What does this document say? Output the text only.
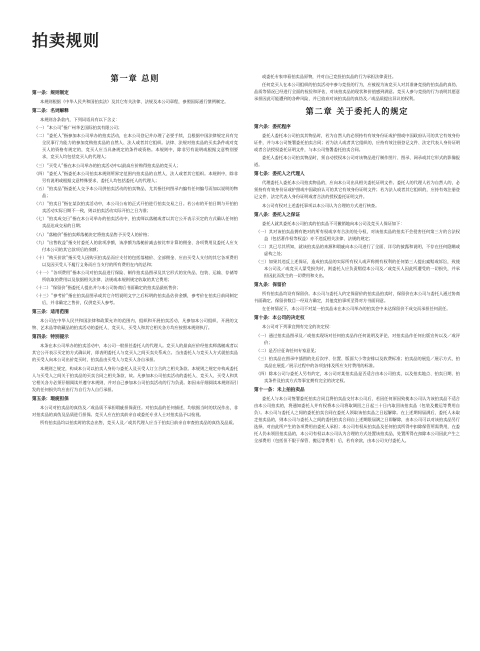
拍卖规则
第一章 总则
第一条：规则制定
本规则根据《中华人民共和国拍卖法》及其它有关法律、法规及本公司章程，参照国际通行惯例制定。
第二条：名词解释
本规则各条款内，下列词语具有以下含义：
（一）“本公司”指广州华艺国际拍卖有限公司；
（二）“委托人”指参加本公司举办的拍卖活动，在本公司登记并办理了必要手续，且根据中国法律规定具有完全民事行为能力的参加竞购拍卖品的自然人、法人或者其它组织。法律、法规对拍卖品的买卖条件或对竞买人的资格有规定的，竞买人应当具备规定的条件或资格。本规则中，除非另有说明或根据文意特别要求，竞买人均包括竞买人的代理人；
（三）“买受人”指在本公司举办的拍卖活动中以最高应价购得拍卖品的竞买人；
（四）“委托人”指委托本公司拍卖本规则所界定范围内拍卖品的自然人、法人或者其它组织。本规则中，除非另有说明或根据文意特殊要求，委托人均包括委托人的代理人；
（五）“拍卖品”指委托人交予本公司供拍卖活动的拍卖物品，尤其指任何图录内编有任何编号而加以说明的物品；
（六）“拍卖日”指在某次拍卖活动中，本公司公布的正式开拍进行拍卖交易之日。若公布的开拍日期与开拍拍卖活动实际日期不一致，则以拍卖活动实际开拍之日为准；
（七）“拍卖成交日”指在本公司举办的拍卖活动中，拍卖师以落槌或者以其它公开表示买定的方式确认任何拍卖品达成交易的日期；
（八）“落槌价”指拍卖师落槌决定将拍卖品售予买受人的价格；
（九）“出售收益”指支付委托人的款项净额，该净额为落槌价减去按比率计算的佣金、各项费用及委托人应支付本公司的其它款项后的余额；
（十）“购买价款”指买受人因购买拍卖品而应支付的包括落槌价、全部佣金、应由买受人支付的其它各项费用以及因买受人不履行义务而应当支付的所有费用在内的总和；
（十一）“各项费用”指本公司对拍卖品进行保险、制作拍卖品图录及其它形式的宣传品、包装、运输、存储等所收取的费用以及依据相关法律、法规或本规则规定收取的其它费用；
（十二）“保留价”指委托人提出并与本公司协商后书面确定的拍卖品最低售价；
（十三）“参考价”指在拍卖品图录或其它介绍说明文字之后标明的拍卖品估价金额，参考价在拍卖日前同制定后，并非确定之售价，仅供竞买人参考。
第三条：适用范围
本公司在中华人民共和国法律和政策允许的范围内，组织和开展拍卖活动，凡参加本公司组织、开展的文物、艺术品等收藏品的拍卖活动的委托人、竞买人、买受人和其它相关各方均应按照本规则执行。
第四条：特别提示
本条在本公司举办的拍卖活动中，本公司一般担任委托人的代理人。竞买人的最高应价经拍卖师落槌或者以其它公开表示买定的方式确认时，即表明委托人与竞买人之间买卖关系成立。当由委托人与竞买人方式就拍卖品的买受人向本公司出价竞买时，拍卖品由买受人与竞买人各自承担。
本规则之规定，构成本公司以拍卖人身份与委托人及买受人订立合约之相关条款。本规则之规定亦构成委托人与买受人之间关于拍卖品的买卖合同之相关条款，故。凡参加本公司拍卖活动的委托人、竞买人、买受人和其它相关各方必须仔细阅读并遵守本规则，并对自己参加本公司拍卖活动的行为负责。如因未仔细阅读本规则而引发的任何损失均应由行为自行为人自行承担。
第五条：瑕疵担保
本公司对拍卖品的真伪及／或品质不承担瑕疵担保责任。对拍卖品的任何描述，均依据当时的状况作出，非对拍卖品的真伪及品质进行担保。竞买人应在拍卖前亲自或委托专业人士对拍卖品予以检视。
所有拍卖品均以拍卖时的状态出售，竞买人及／或其代理人应当于拍卖日前亲自审查拍卖品的真伪及品质。
或委托专家审看拍卖品原物，并对自己竞投拍卖品的行为承担法律责任。
任何竞买人在本公司组织的拍卖活动中参与竞投的行为，应被视为该竞买人对其准备竞投的拍卖品的真伪、品质等情况已经进行全面的检验和评估，对该拍卖品的现状和价值感到满意。竞买人参与竞投的行为表明其愿意承担因此可能遭到的各种风险，并已放弃对该拍卖品的真伪及／或品质提出异议的权利。
第二章 关于委托人的规定
第六条：委托程序
委托人委托本公司拍卖其物品时，若为自然人的必须持有有效身份证或护照或中国政府认可的其它有效身份证件，并与本公司签署委托拍卖合同；若为法人或者其它组织的，应持有效注册登记文件、法定代表人身份证明或者合法授权委托证明文件，与本公司签署委托拍卖合同。
委托人委托本公司拍卖物品时，须自动授权本公司对该物品进行制作图片、图录、网录或其它形式的影像报道。
第七条：委托人之代理人
代理委托人委托本公司拍卖物品的，应向本公司出具相关委托证明文件。委托人的代理人若为自然人的，必须持有有效身份证或护照或中国政府认可的其它有效身份证明文件；若为法人或者其它组织的，应持有效注册登记文件、法定代表人身份证明或者合法的授权委托证明文件。
本公司有权对上述委托事项以本公司认为合理的方式进行核查。
第八条：委托人之保证
委托人就其委托本公司拍卖的拍卖品不可撤销地向本公司及竞买人保证如下：
（一）其对该拍卖品拥有绝对的所有权或享有合法的处分权，对该拍卖品的拍卖不会侵害任何第三方的合法权益（包括著作权等权益）亦不违反相关法律、法规的规定；
（二）其已尽其所知，就该拍卖品的来源和瑕疵向本公司进行了全面、详尽的披露和说明，不存在任何隐瞒或虚构之处；
（三）如果其违反上述保证，造成拍卖品的实际所有权人或声称拥有权利的任何第三人提出索赔或诉讼，致使本公司及／或竞买人蒙受损失时，则委托人应负责赔偿本公司及／或竞买人因此所遭受的一切损失，并承担因此而发生的一切费用和支出。
第九条：保留价
所有拍卖品均设有保留价。本公司与委托人约定保留价的拍卖品拍卖时，保留价在本公司与委托人通过协商书面确定。保留价数目一经双方确定，其他竞拍事项至得对方书面同意。
在任何情况下，本公司不对某一拍卖品未在本公司举办的拍卖会中未达保留价不成交而承担任何责任。
第十条：本公司的决定权
本公司对下列事宜拥有完全的决定权：
（一）通过拍卖品图录及／或拍卖现场对任何拍卖品作任何说明及评论、对拍卖品作任何出版宣传以及／或评价；
（二）是否应征询任何专家意见；
（三）拍卖品在图录中插图的先后次序、位置、版面大小等安排以及收费标准；拍卖品的展览／展示方式、拍卖品在展览／展示过程中的各项安排及所应支付费用的标准。
（四）除本公司与委托人另有约定，本公司对某拍卖品是否适合由本公司拍卖，以及拍卖地点、拍卖日期、拍卖条件及拍卖方式等事宜拥有完全的决定权。
第十一条：未上拍拍卖品
委托人与本公司签署委托拍卖合同且将拍卖品交付本公司后，若因任何原因致使本公司认为该拍卖品不适合由本公司拍卖的，将通知委托人并有权将本公司将取调回之日起三十日内取回该拍卖品（包装及搬运等费用自负）。本公司与委托人之间的委托拍卖合同在委托人领取该拍卖品之日起解除。在上述期间届满后，委托人未取走拍卖品的，则本公司与委托人之间的委托拍卖合同自上述期限届满之日即解除，由本公司可以对该拍卖品另行选择，对由此所产生的各项费用由委托人承担；本公司有权从拍卖品及任何拍卖所得中扣除保管所需费用，在委托人仍未领回拍卖品的，本公司有权以本公司认为合理的方式处置该拍卖品，处置所得在扣除本公司因此产生之全部费用（包括但不限于保管、搬运等费用）后，若有余款，由本公司支付委托人。
